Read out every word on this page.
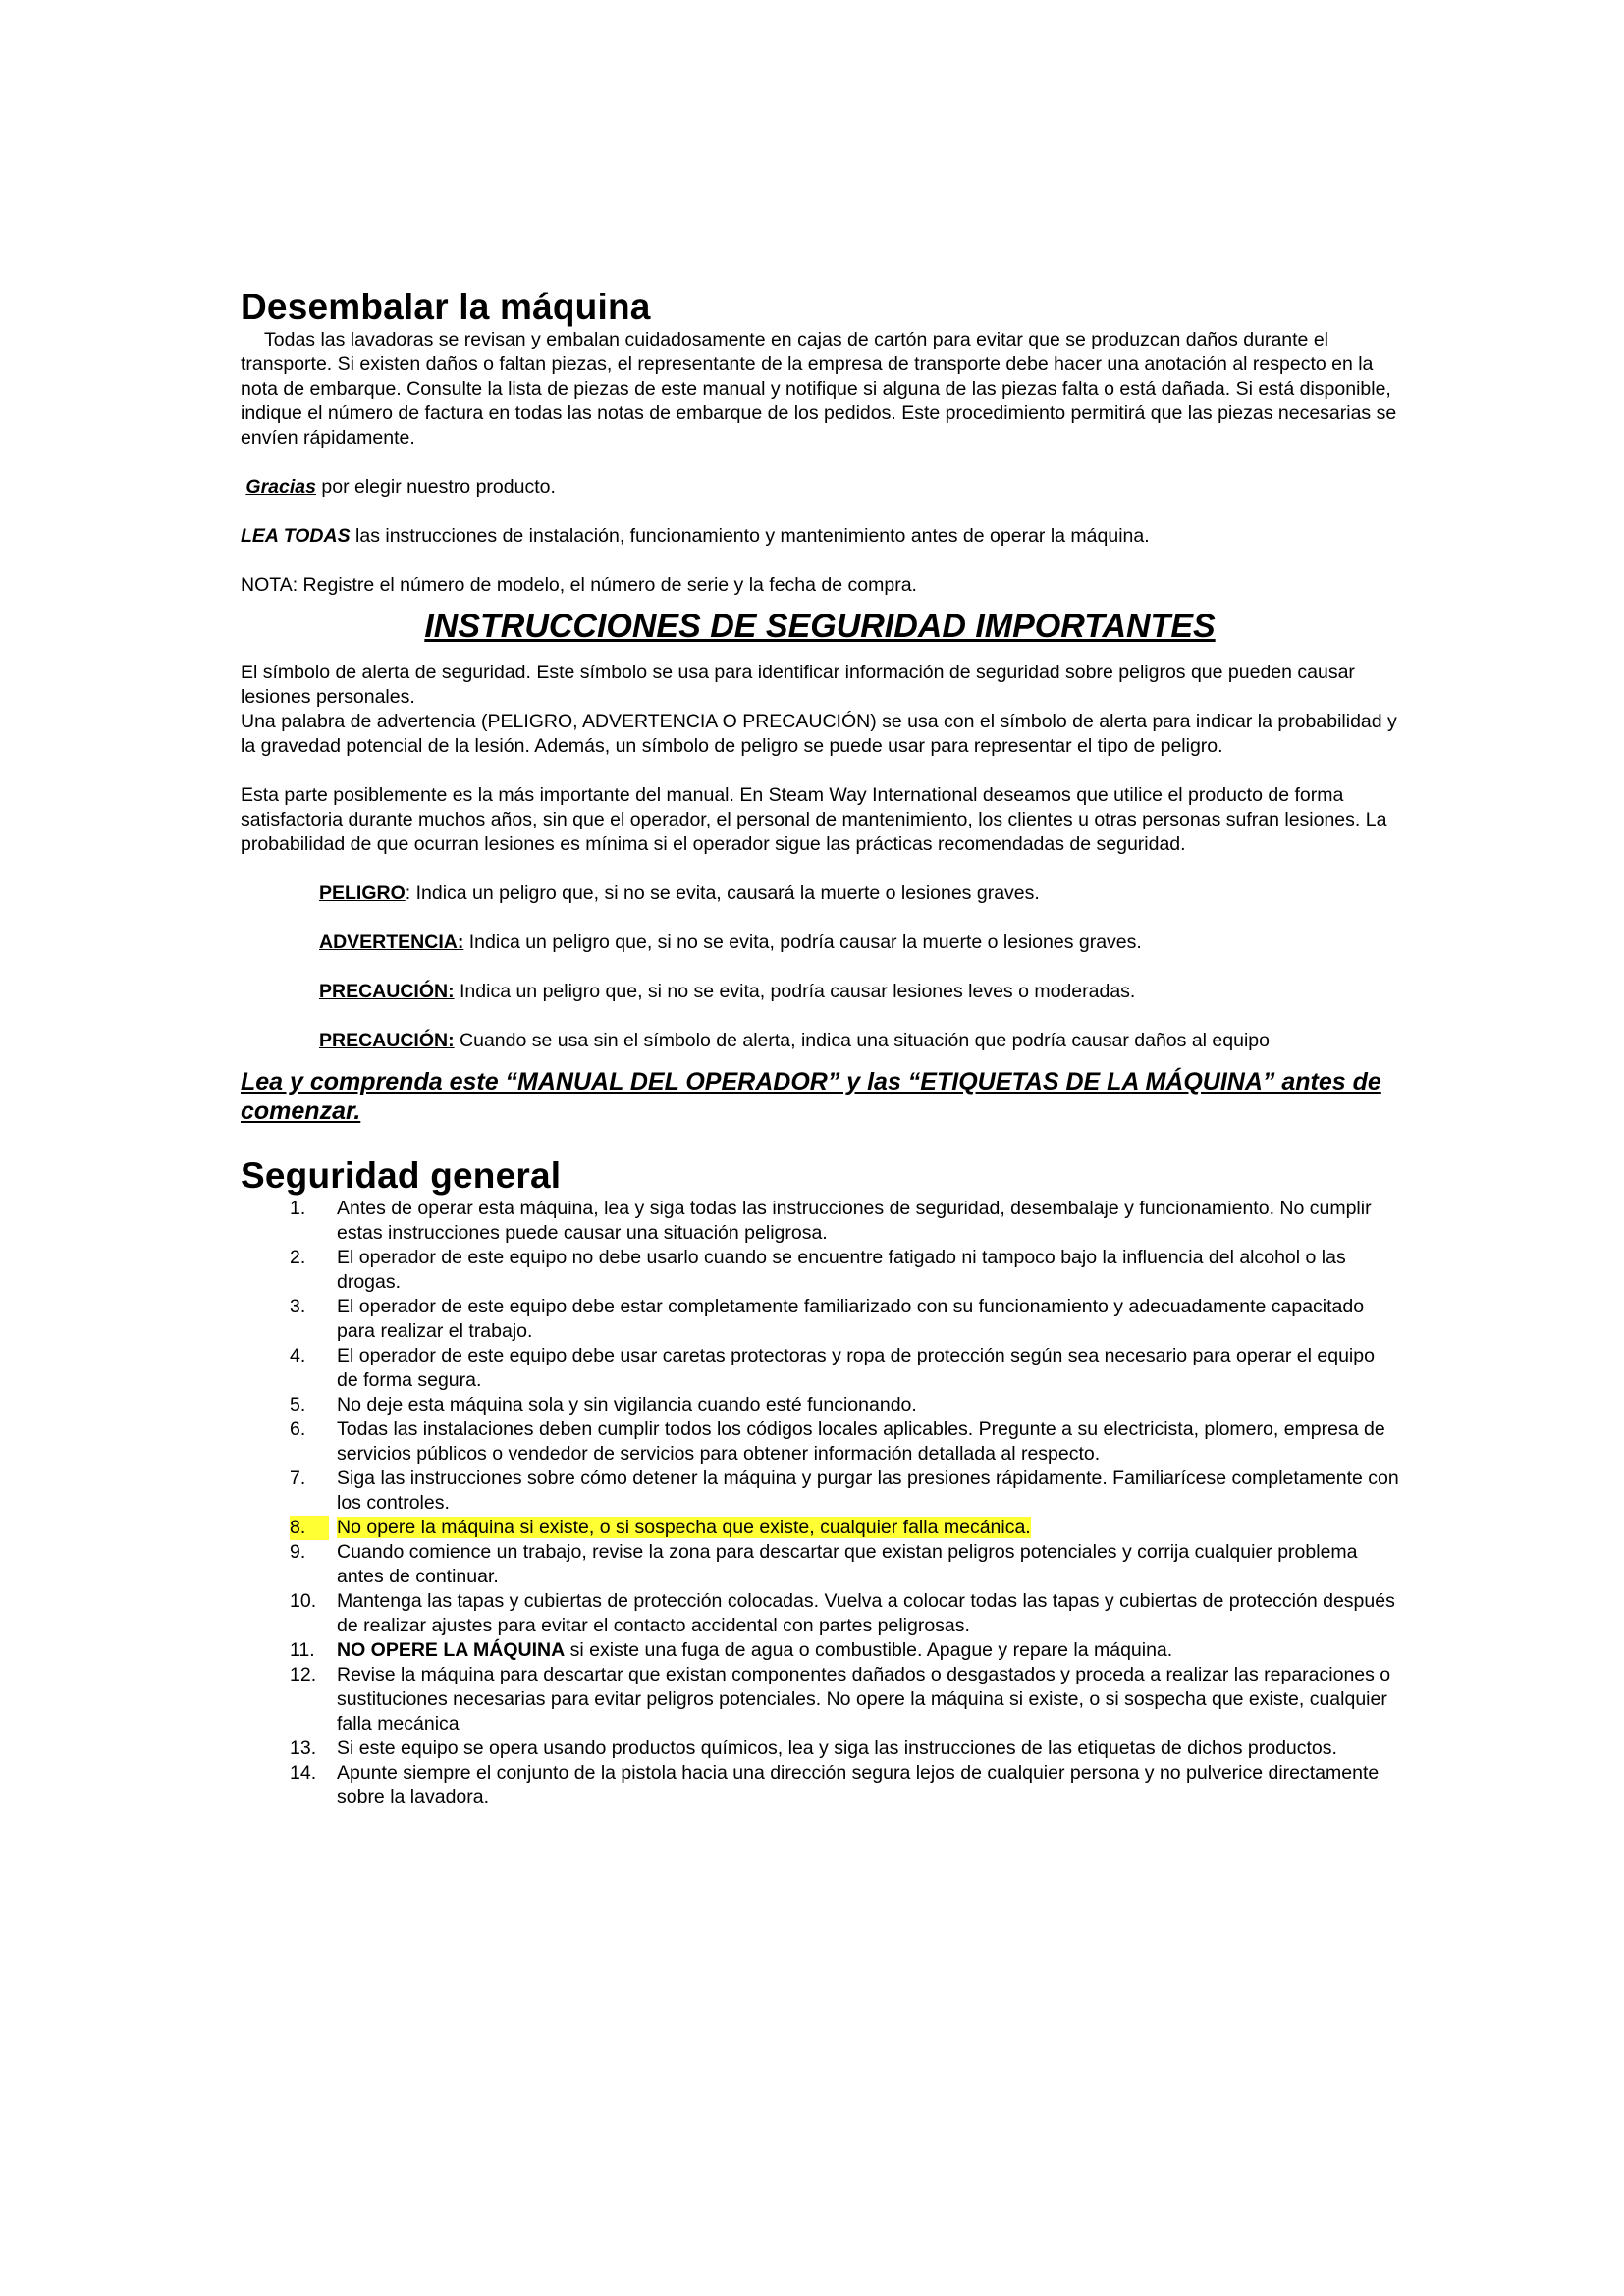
Desembalar la máquina

Todas las lavadoras se revisan y embalan cuidadosamente en cajas de cartón para evitar que se produzcan daños durante el transporte. Si existen daños o faltan piezas, el representante de la empresa de transporte debe hacer una anotación al respecto en la nota de embarque. Consulte la lista de piezas de este manual y notifique si alguna de las piezas falta o está dañada. Si está disponible, indique el número de factura en todas las notas de embarque de los pedidos. Este procedimiento permitirá que las piezas necesarias se envíen rápidamente.

Gracias por elegir nuestro producto.

LEA TODAS las instrucciones de instalación, funcionamiento y mantenimiento antes de operar la máquina.

NOTA: Registre el número de modelo, el número de serie y la fecha de compra.

INSTRUCCIONES DE SEGURIDAD IMPORTANTES

El símbolo de alerta de seguridad. Este símbolo se usa para identificar información de seguridad sobre peligros que pueden causar lesiones personales.

Una palabra de advertencia (PELIGRO, ADVERTENCIA O PRECAUCIÓN) se usa con el símbolo de alerta para indicar la probabilidad y la gravedad potencial de la lesión. Además, un símbolo de peligro se puede usar para representar el tipo de peligro.

Esta parte posiblemente es la más importante del manual. En Steam Way International deseamos que utilice el producto de forma satisfactoria durante muchos años, sin que el operador, el personal de mantenimiento, los clientes u otras personas sufran lesiones. La probabilidad de que ocurran lesiones es mínima si el operador sigue las prácticas recomendadas de seguridad.

PELIGRO: Indica un peligro que, si no se evita, causará la muerte o lesiones graves.

ADVERTENCIA: Indica un peligro que, si no se evita, podría causar la muerte o lesiones graves.

PRECAUCIÓN: Indica un peligro que, si no se evita, podría causar lesiones leves o moderadas.

PRECAUCIÓN: Cuando se usa sin el símbolo de alerta, indica una situación que podría causar daños al equipo

Lea y comprenda este “MANUAL DEL OPERADOR” y las “ETIQUETAS DE LA MÁQUINA” antes de comenzar.
Seguridad general
1.	Antes de operar esta máquina, lea y siga todas las instrucciones de seguridad, desembalaje y funcionamiento. No cumplir estas instrucciones puede causar una situación peligrosa.
2.	El operador de este equipo no debe usarlo cuando se encuentre fatigado ni tampoco bajo la influencia del alcohol o las drogas.
3.	El operador de este equipo debe estar completamente familiarizado con su funcionamiento y adecuadamente capacitado para realizar el trabajo.
4.	El operador de este equipo debe usar caretas protectoras y ropa de protección según sea necesario para operar el equipo de forma segura.
5.	No deje esta máquina sola y sin vigilancia cuando esté funcionando.
6.	Todas las instalaciones deben cumplir todos los códigos locales aplicables. Pregunte a su electricista, plomero, empresa de servicios públicos o vendedor de servicios para obtener información detallada al respecto.
7.	Siga las instrucciones sobre cómo detener la máquina y purgar las presiones rápidamente. Familiarícese completamente con los controles.
8.	No opere la máquina si existe, o si sospecha que existe, cualquier falla mecánica.
9.	Cuando comience un trabajo, revise la zona para descartar que existan peligros potenciales y corrija cualquier problema antes de continuar.
10.	Mantenga las tapas y cubiertas de protección colocadas. Vuelva a colocar todas las tapas y cubiertas de protección después de realizar ajustes para evitar el contacto accidental con partes peligrosas.
11.	NO OPERE LA MÁQUINA si existe una fuga de agua o combustible. Apague y repare la máquina.
12.	Revise la máquina para descartar que existan componentes dañados o desgastados y proceda a realizar las reparaciones o sustituciones necesarias para evitar peligros potenciales. No opere la máquina si existe, o si sospecha que existe, cualquier falla mecánica
13.	Si este equipo se opera usando productos químicos, lea y siga las instrucciones de las etiquetas de dichos productos.
14.	Apunte siempre el conjunto de la pistola hacia una dirección segura lejos de cualquier persona y no pulverice directamente sobre la lavadora.
